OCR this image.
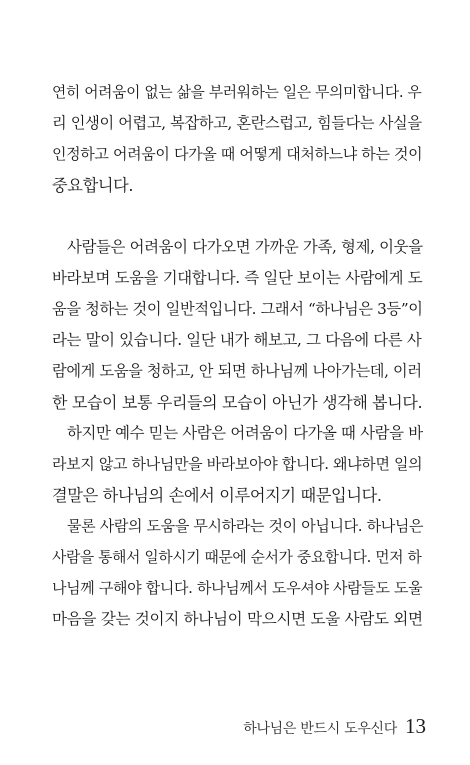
연히 어려움이 없는 삶을 부러워하는 일은 무의미합니다. 우
리 인생이 어렵고, 복잡하고, 혼란스럽고, 힘들다는 사실을
인정하고 어려움이 다가올 때 어떻게 대처하느냐 하는 것이
중요합니다.
사람들은 어려움이 다가오면 가까운 가족, 형제, 이웃을
바라보며 도움을 기대합니다. 즉 일단 보이는 사람에게 도
움을 청하는 것이 일반적입니다. 그래서 “하나님은 3등”이
라는 말이 있습니다. 일단 내가 해보고, 그 다음에 다른 사
람에게 도움을 청하고, 안 되면 하나님께 나아가는데, 이러
한 모습이 보통 우리들의 모습이 아닌가 생각해 봅니다.
하지만 예수 믿는 사람은 어려움이 다가올 때 사람을 바
라보지 않고 하나님만을 바라보아야 합니다. 왜냐하면 일의
결말은 하나님의 손에서 이루어지기 때문입니다.
물론 사람의 도움을 무시하라는 것이 아닙니다. 하나님은
사람을 통해서 일하시기 때문에 순서가 중요합니다. 먼저 하
나님께 구해야 합니다. 하나님께서 도우셔야 사람들도 도울
마음을 갖는 것이지 하나님이 막으시면 도울 사람도 외면
하나님은 반드시 도우신다 13
